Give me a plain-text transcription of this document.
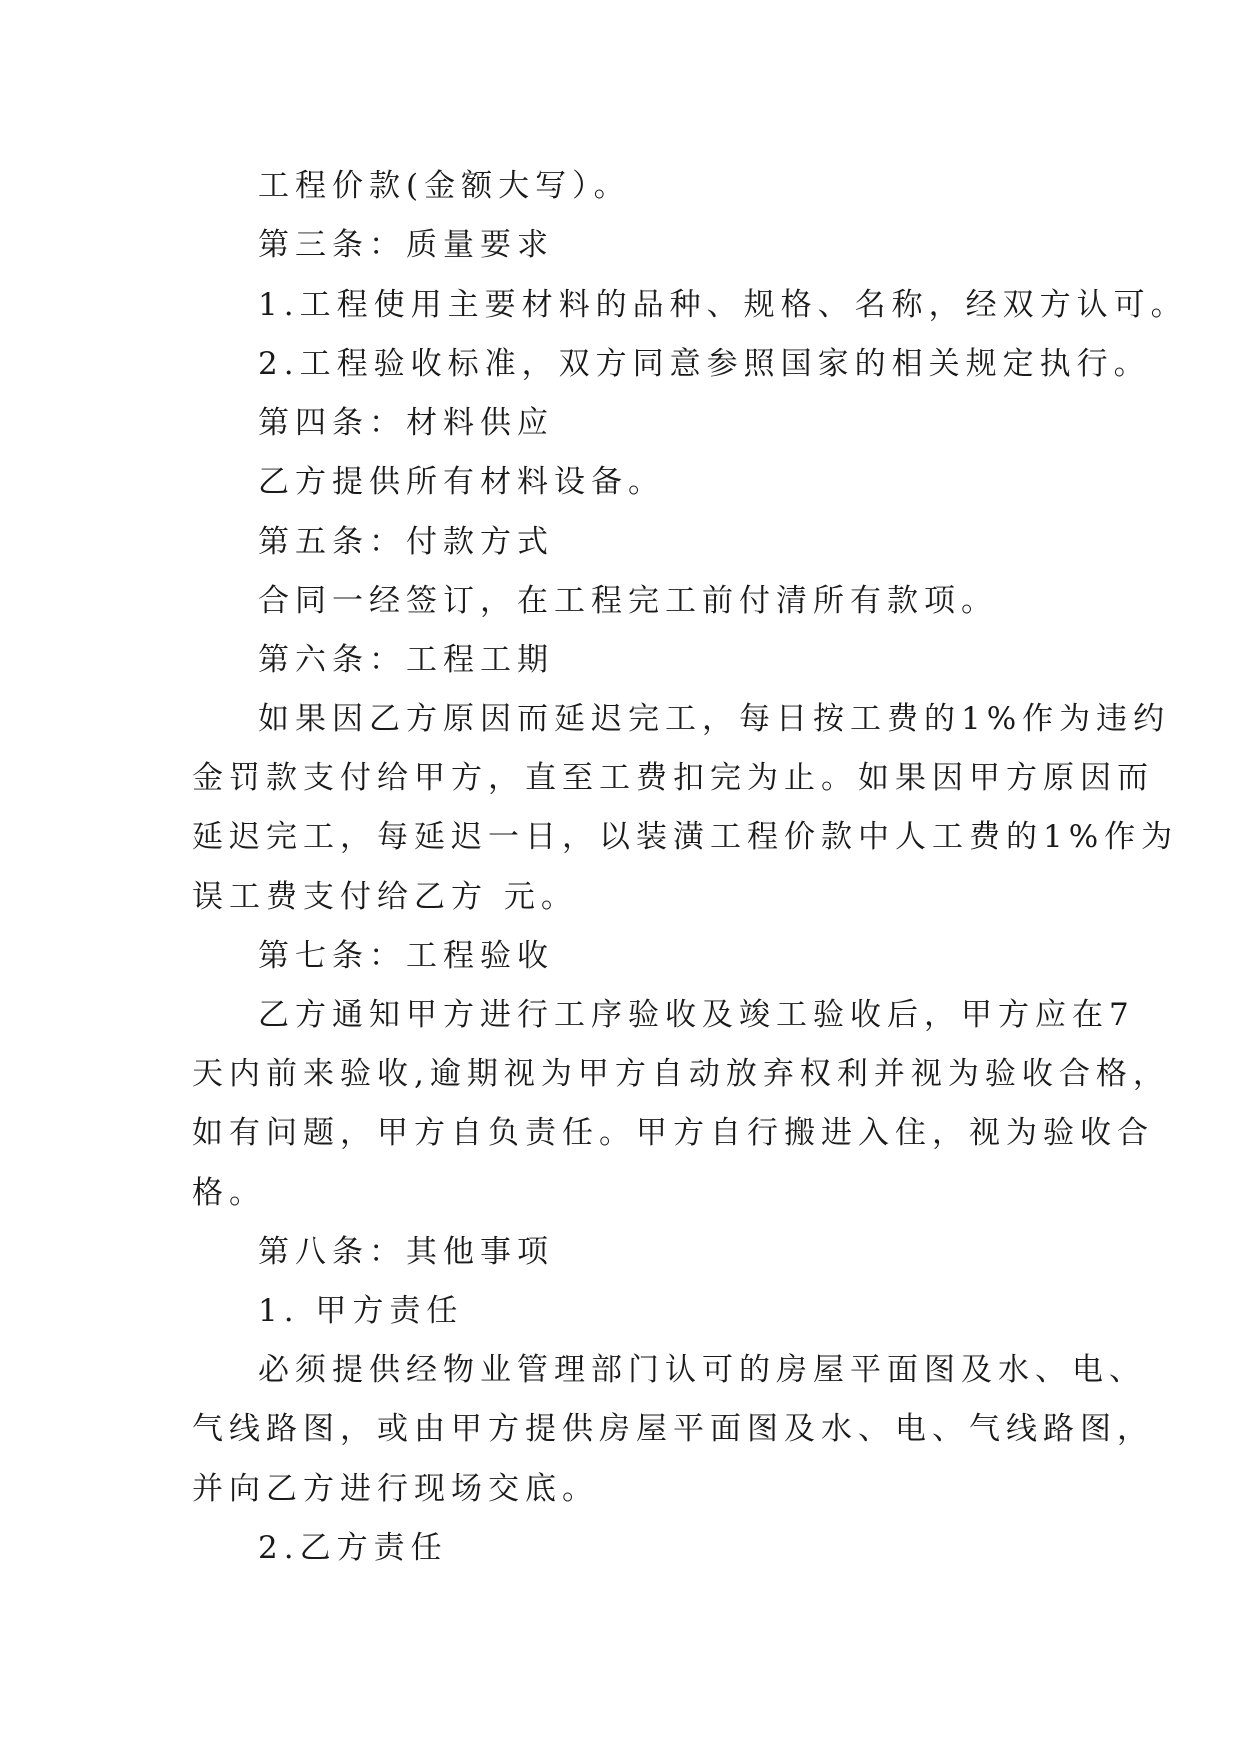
工程价款(金额大写）。
第三条：质量要求
1.工程使用主要材料的品种、规格、名称，经双方认可。
2.工程验收标准，双方同意参照国家的相关规定执行。
第四条：材料供应
乙方提供所有材料设备。
第五条：付款方式
合同一经签订，在工程完工前付清所有款项。
第六条：工程工期
如果因乙方原因而延迟完工，每日按工费的1%作为违约
金罚款支付给甲方，直至工费扣完为止。如果因甲方原因而
延迟完工，每延迟一日，以装潢工程价款中人工费的1%作为
误工费支付给乙方 元。
第七条：工程验收
乙方通知甲方进行工序验收及竣工验收后，甲方应在7
天内前来验收,逾期视为甲方自动放弃权利并视为验收合格，
如有问题，甲方自负责任。甲方自行搬进入住，视为验收合
格。
第八条：其他事项
1. 甲方责任
必须提供经物业管理部门认可的房屋平面图及水、电、
气线路图，或由甲方提供房屋平面图及水、电、气线路图，
并向乙方进行现场交底。
2.乙方责任
